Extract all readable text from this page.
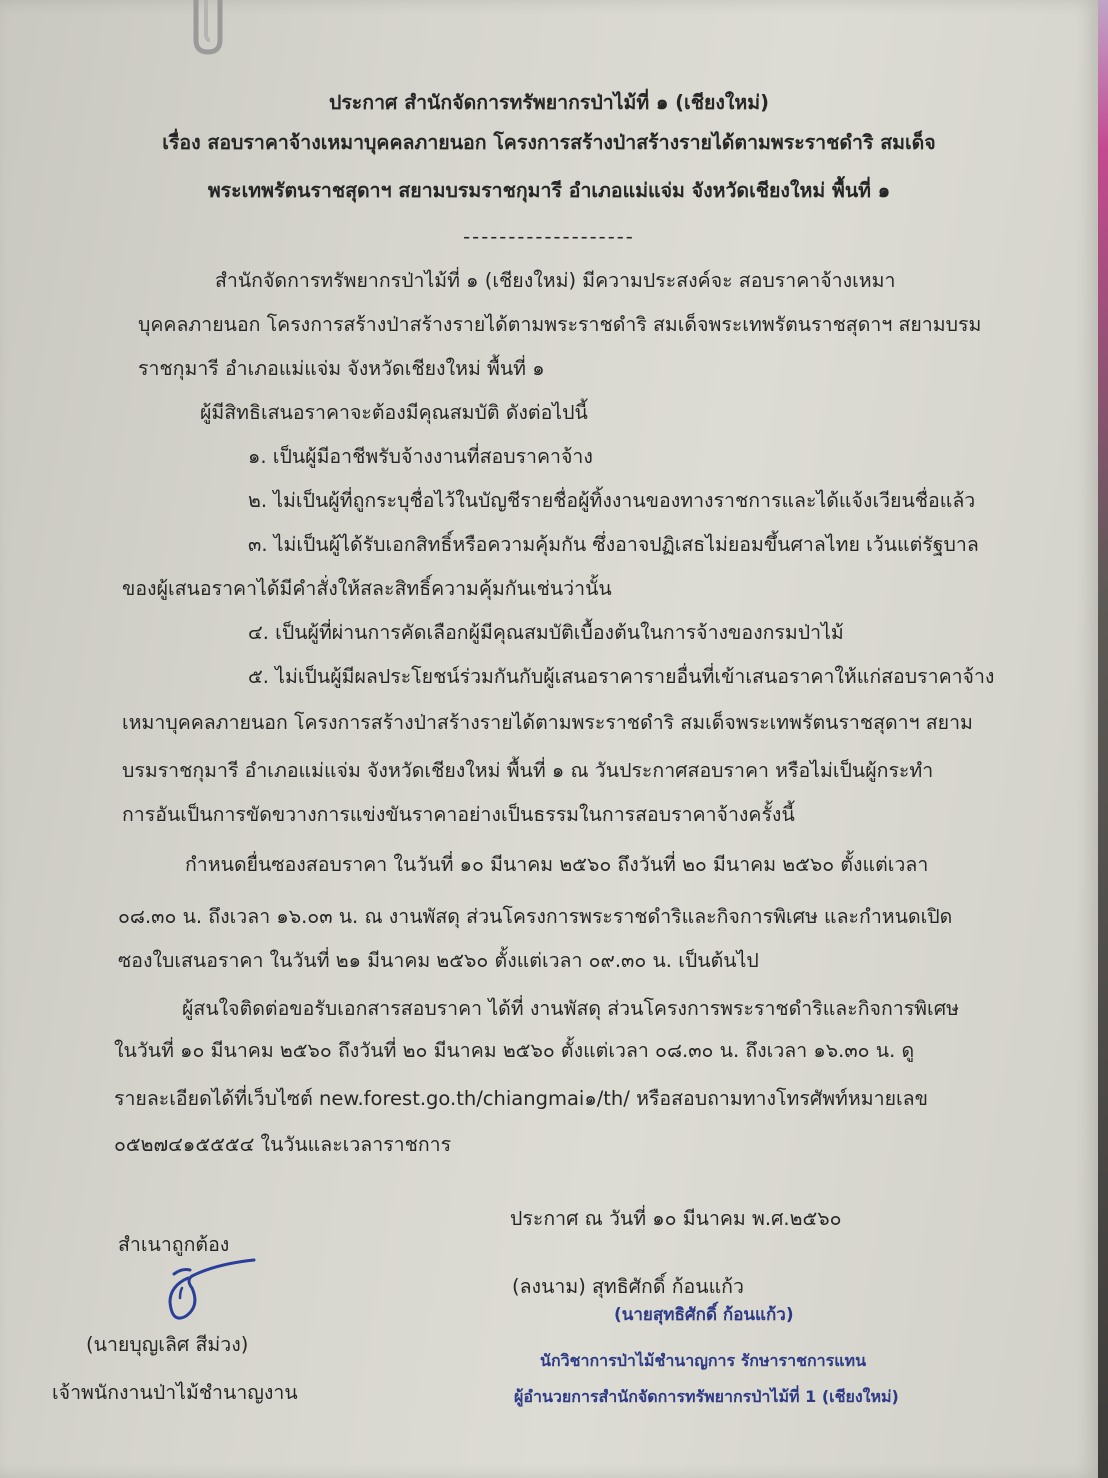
ประกาศ สำนักจัดการทรัพยากรป่าไม้ที่ ๑ (เชียงใหม่)
เรื่อง สอบราคาจ้างเหมาบุคคลภายนอก โครงการสร้างป่าสร้างรายได้ตามพระราชดำริ สมเด็จ
พระเทพรัตนราชสุดาฯ สยามบรมราชกุมารี อำเภอแม่แจ่ม จังหวัดเชียงใหม่ พื้นที่ ๑
-------------------
สำนักจัดการทรัพยากรป่าไม้ที่ ๑ (เชียงใหม่) มีความประสงค์จะ สอบราคาจ้างเหมา
บุคคลภายนอก โครงการสร้างป่าสร้างรายได้ตามพระราชดำริ สมเด็จพระเทพรัตนราชสุดาฯ สยามบรม
ราชกุมารี อำเภอแม่แจ่ม จังหวัดเชียงใหม่ พื้นที่ ๑
ผู้มีสิทธิเสนอราคาจะต้องมีคุณสมบัติ ดังต่อไปนี้
๑. เป็นผู้มีอาชีพรับจ้างงานที่สอบราคาจ้าง
๒. ไม่เป็นผู้ที่ถูกระบุชื่อไว้ในบัญชีรายชื่อผู้ทิ้งงานของทางราชการและได้แจ้งเวียนชื่อแล้ว
๓. ไม่เป็นผู้ได้รับเอกสิทธิ์หรือความคุ้มกัน ซึ่งอาจปฏิเสธไม่ยอมขึ้นศาลไทย เว้นแต่รัฐบาล
ของผู้เสนอราคาได้มีคำสั่งให้สละสิทธิ์ความคุ้มกันเช่นว่านั้น
๔. เป็นผู้ที่ผ่านการคัดเลือกผู้มีคุณสมบัติเบื้องต้นในการจ้างของกรมป่าไม้
๕. ไม่เป็นผู้มีผลประโยชน์ร่วมกันกับผู้เสนอราคารายอื่นที่เข้าเสนอราคาให้แก่สอบราคาจ้าง
เหมาบุคคลภายนอก โครงการสร้างป่าสร้างรายได้ตามพระราชดำริ สมเด็จพระเทพรัตนราชสุดาฯ สยาม
บรมราชกุมารี อำเภอแม่แจ่ม จังหวัดเชียงใหม่ พื้นที่ ๑ ณ วันประกาศสอบราคา หรือไม่เป็นผู้กระทำ
การอันเป็นการขัดขวางการแข่งขันราคาอย่างเป็นธรรมในการสอบราคาจ้างครั้งนี้
กำหนดยื่นซองสอบราคา ในวันที่ ๑๐ มีนาคม ๒๕๖๐ ถึงวันที่ ๒๐ มีนาคม ๒๕๖๐ ตั้งแต่เวลา
๐๘.๓๐ น. ถึงเวลา ๑๖.๐๓ น. ณ งานพัสดุ ส่วนโครงการพระราชดำริและกิจการพิเศษ และกำหนดเปิด
ซองใบเสนอราคา ในวันที่ ๒๑ มีนาคม ๒๕๖๐ ตั้งแต่เวลา ๐๙.๓๐ น. เป็นต้นไป
ผู้สนใจติดต่อขอรับเอกสารสอบราคา ได้ที่ งานพัสดุ ส่วนโครงการพระราชดำริและกิจการพิเศษ
ในวันที่ ๑๐ มีนาคม ๒๕๖๐ ถึงวันที่ ๒๐ มีนาคม ๒๕๖๐ ตั้งแต่เวลา ๐๘.๓๐ น. ถึงเวลา ๑๖.๓๐ น. ดู
รายละเอียดได้ที่เว็บไซต์ new.forest.go.th/chiangmai๑/th/ หรือสอบถามทางโทรศัพท์หมายเลข
๐๕๒๗๔๑๕๕๕๔ ในวันและเวลาราชการ
ประกาศ ณ วันที่ ๑๐ มีนาคม พ.ศ.๒๕๖๐
สำเนาถูกต้อง
(นายบุญเลิศ สีม่วง)
เจ้าพนักงานป่าไม้ชำนาญงาน
(ลงนาม) สุทธิศักดิ์ ก้อนแก้ว
(นายสุทธิศักดิ์ ก้อนแก้ว)
นักวิชาการป่าไม้ชำนาญการ รักษาราชการแทน
ผู้อำนวยการสำนักจัดการทรัพยากรป่าไม้ที่ 1 (เชียงใหม่)
